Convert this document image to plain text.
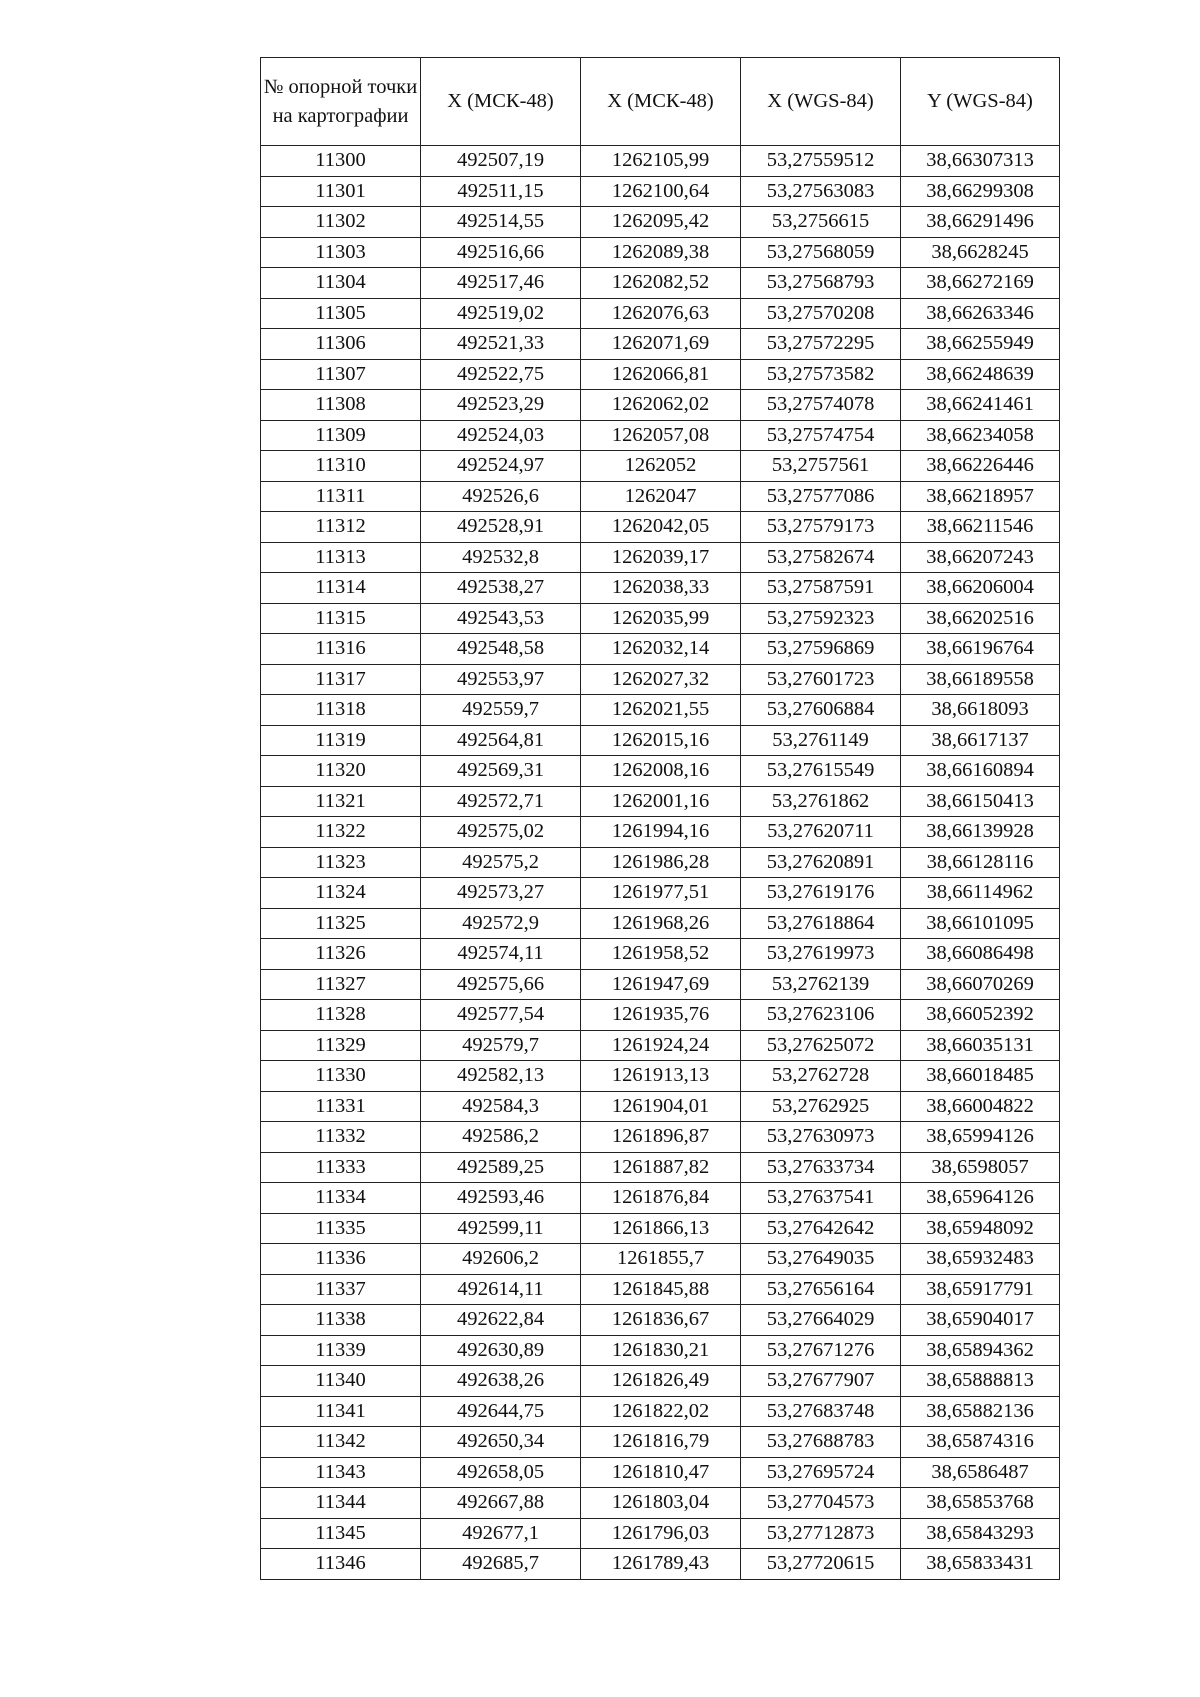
№ опорной точки на картографии	X (МСК-48)	X (МСК-48)	X (WGS-84)	Y (WGS-84)
11300	492507,19	1262105,99	53,27559512	38,66307313
11301	492511,15	1262100,64	53,27563083	38,66299308
11302	492514,55	1262095,42	53,2756615	38,66291496
11303	492516,66	1262089,38	53,27568059	38,6628245
11304	492517,46	1262082,52	53,27568793	38,66272169
11305	492519,02	1262076,63	53,27570208	38,66263346
11306	492521,33	1262071,69	53,27572295	38,66255949
11307	492522,75	1262066,81	53,27573582	38,66248639
11308	492523,29	1262062,02	53,27574078	38,66241461
11309	492524,03	1262057,08	53,27574754	38,66234058
11310	492524,97	1262052	53,2757561	38,66226446
11311	492526,6	1262047	53,27577086	38,66218957
11312	492528,91	1262042,05	53,27579173	38,66211546
11313	492532,8	1262039,17	53,27582674	38,66207243
11314	492538,27	1262038,33	53,27587591	38,66206004
11315	492543,53	1262035,99	53,27592323	38,66202516
11316	492548,58	1262032,14	53,27596869	38,66196764
11317	492553,97	1262027,32	53,27601723	38,66189558
11318	492559,7	1262021,55	53,27606884	38,6618093
11319	492564,81	1262015,16	53,2761149	38,6617137
11320	492569,31	1262008,16	53,27615549	38,66160894
11321	492572,71	1262001,16	53,2761862	38,66150413
11322	492575,02	1261994,16	53,27620711	38,66139928
11323	492575,2	1261986,28	53,27620891	38,66128116
11324	492573,27	1261977,51	53,27619176	38,66114962
11325	492572,9	1261968,26	53,27618864	38,66101095
11326	492574,11	1261958,52	53,27619973	38,66086498
11327	492575,66	1261947,69	53,2762139	38,66070269
11328	492577,54	1261935,76	53,27623106	38,66052392
11329	492579,7	1261924,24	53,27625072	38,66035131
11330	492582,13	1261913,13	53,2762728	38,66018485
11331	492584,3	1261904,01	53,2762925	38,66004822
11332	492586,2	1261896,87	53,27630973	38,65994126
11333	492589,25	1261887,82	53,27633734	38,6598057
11334	492593,46	1261876,84	53,27637541	38,65964126
11335	492599,11	1261866,13	53,27642642	38,65948092
11336	492606,2	1261855,7	53,27649035	38,65932483
11337	492614,11	1261845,88	53,27656164	38,65917791
11338	492622,84	1261836,67	53,27664029	38,65904017
11339	492630,89	1261830,21	53,27671276	38,65894362
11340	492638,26	1261826,49	53,27677907	38,65888813
11341	492644,75	1261822,02	53,27683748	38,65882136
11342	492650,34	1261816,79	53,27688783	38,65874316
11343	492658,05	1261810,47	53,27695724	38,6586487
11344	492667,88	1261803,04	53,27704573	38,65853768
11345	492677,1	1261796,03	53,27712873	38,65843293
11346	492685,7	1261789,43	53,27720615	38,65833431
